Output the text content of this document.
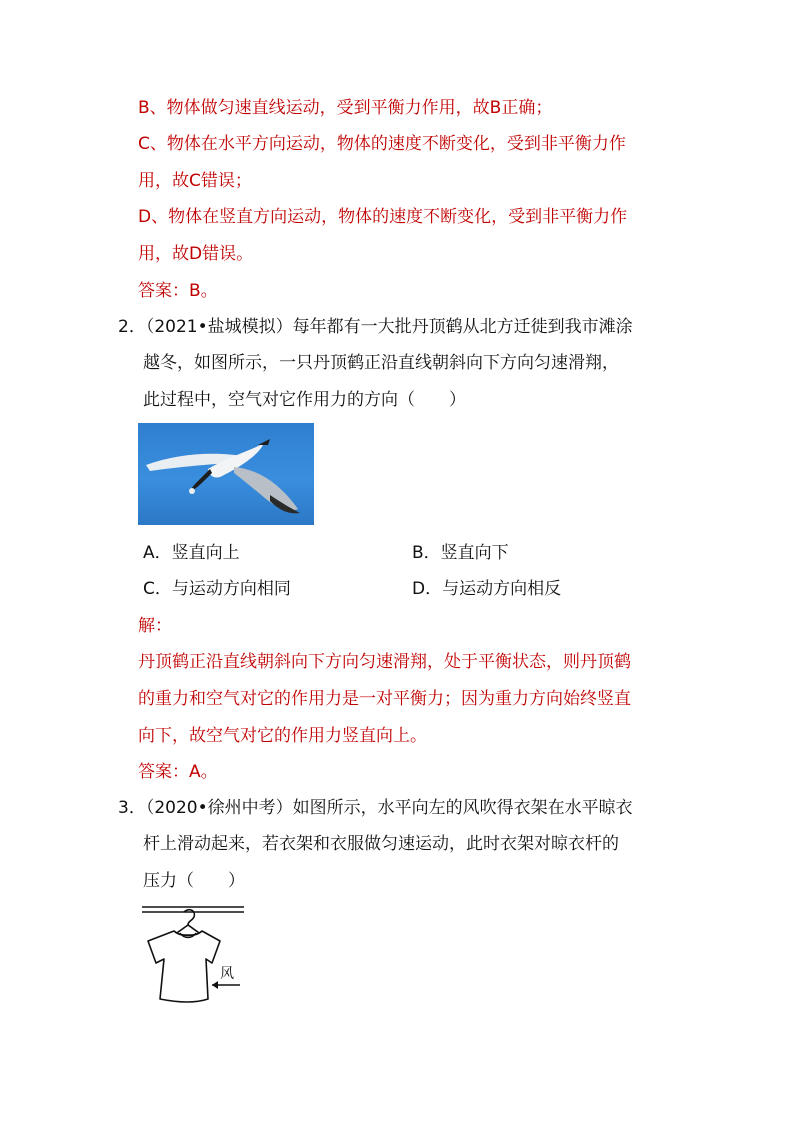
B、物体做匀速直线运动，受到平衡力作用，故B正确；
C、物体在水平方向运动，物体的速度不断变化，受到非平衡力作
用，故C错误；
D、物体在竖直方向运动，物体的速度不断变化，受到非平衡力作
用，故D错误。
答案：B。
2．（2021•盐城模拟）每年都有一大批丹顶鹤从北方迁徙到我市滩涂
越冬，如图所示，一只丹顶鹤正沿直线朝斜向下方向匀速滑翔，
此过程中，空气对它作用力的方向（　　）
A．竖直向上	B．竖直向下
C．与运动方向相同	D．与运动方向相反
解：
丹顶鹤正沿直线朝斜向下方向匀速滑翔，处于平衡状态，则丹顶鹤
的重力和空气对它的作用力是一对平衡力；因为重力方向始终竖直
向下，故空气对它的作用力竖直向上。
答案：A。
3．（2020•徐州中考）如图所示，水平向左的风吹得衣架在水平晾衣
杆上滑动起来，若衣架和衣服做匀速运动，此时衣架对晾衣杆的
压力（　　）
风
